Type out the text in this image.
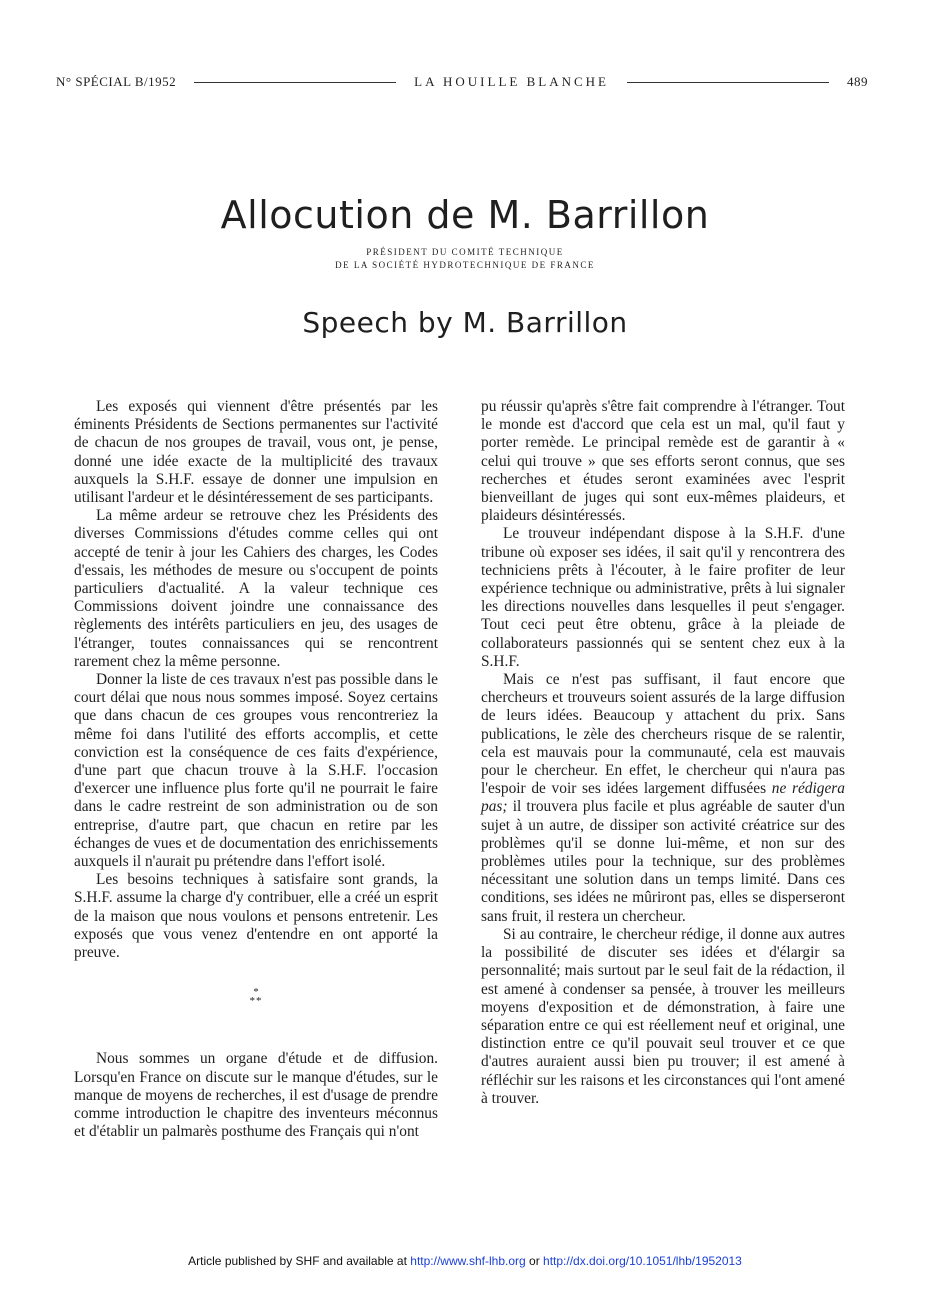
N° SPÉCIAL B/1952	LA HOUILLE BLANCHE	489
Allocution de M. Barrillon
PRÉSIDENT DU COMITÉ TECHNIQUE
DE LA SOCIÉTÉ HYDROTECHNIQUE DE FRANCE
Speech by M. Barrillon

Les exposés qui viennent d'être présentés par les éminents Présidents de Sections permanentes sur l'activité de chacun de nos groupes de travail, vous ont, je pense, donné une idée exacte de la multiplicité des travaux auxquels la S.H.F. essaye de donner une impulsion en utilisant l'ardeur et le désintéressement de ses participants.

La même ardeur se retrouve chez les Présidents des diverses Commissions d'études comme celles qui ont accepté de tenir à jour les Cahiers des charges, les Codes d'essais, les méthodes de mesure ou s'occupent de points particuliers d'actualité. A la valeur technique ces Commissions doivent joindre une connaissance des règlements des intérêts particuliers en jeu, des usages de l'étranger, toutes connaissances qui se rencontrent rarement chez la même personne.

Donner la liste de ces travaux n'est pas possible dans le court délai que nous nous sommes imposé. Soyez certains que dans chacun de ces groupes vous rencontreriez la même foi dans l'utilité des efforts accomplis, et cette conviction est la conséquence de ces faits d'expérience, d'une part que chacun trouve à la S.H.F. l'occasion d'exercer une influence plus forte qu'il ne pourrait le faire dans le cadre restreint de son administration ou de son entreprise, d'autre part, que chacun en retire par les échanges de vues et de documentation des enrichissements auxquels il n'aurait pu prétendre dans l'effort isolé.

Les besoins techniques à satisfaire sont grands, la S.H.F. assume la charge d'y contribuer, elle a créé un esprit de la maison que nous voulons et pensons entretenir. Les exposés que vous venez d'entendre en ont apporté la preuve.

*
**

Nous sommes un organe d'étude et de diffusion. Lorsqu'en France on discute sur le manque d'études, sur le manque de moyens de recherches, il est d'usage de prendre comme introduction le chapitre des inventeurs méconnus et d'établir un palmarès posthume des Français qui n'ont

pu réussir qu'après s'être fait comprendre à l'étranger. Tout le monde est d'accord que cela est un mal, qu'il faut y porter remède. Le principal remède est de garantir à « celui qui trouve » que ses efforts seront connus, que ses recherches et études seront examinées avec l'esprit bienveillant de juges qui sont eux-mêmes plaideurs, et plaideurs désintéressés.

Le trouveur indépendant dispose à la S.H.F. d'une tribune où exposer ses idées, il sait qu'il y rencontrera des techniciens prêts à l'écouter, à le faire profiter de leur expérience technique ou administrative, prêts à lui signaler les directions nouvelles dans lesquelles il peut s'engager. Tout ceci peut être obtenu, grâce à la pleiade de collaborateurs passionnés qui se sentent chez eux à la S.H.F.

Mais ce n'est pas suffisant, il faut encore que chercheurs et trouveurs soient assurés de la large diffusion de leurs idées. Beaucoup y attachent du prix. Sans publications, le zèle des chercheurs risque de se ralentir, cela est mauvais pour la communauté, cela est mauvais pour le chercheur. En effet, le chercheur qui n'aura pas l'espoir de voir ses idées largement diffusées ne rédigera pas; il trouvera plus facile et plus agréable de sauter d'un sujet à un autre, de dissiper son activité créatrice sur des problèmes qu'il se donne lui-même, et non sur des problèmes utiles pour la technique, sur des problèmes nécessitant une solution dans un temps limité. Dans ces conditions, ses idées ne mûriront pas, elles se disperseront sans fruit, il restera un chercheur.

Si au contraire, le chercheur rédige, il donne aux autres la possibilité de discuter ses idées et d'élargir sa personnalité; mais surtout par le seul fait de la rédaction, il est amené à condenser sa pensée, à trouver les meilleurs moyens d'exposition et de démonstration, à faire une séparation entre ce qui est réellement neuf et original, une distinction entre ce qu'il pouvait seul trouver et ce que d'autres auraient aussi bien pu trouver; il est amené à réfléchir sur les raisons et les circonstances qui l'ont amené à trouver.

Article published by SHF and available at http://www.shf-lhb.org or http://dx.doi.org/10.1051/lhb/1952013
